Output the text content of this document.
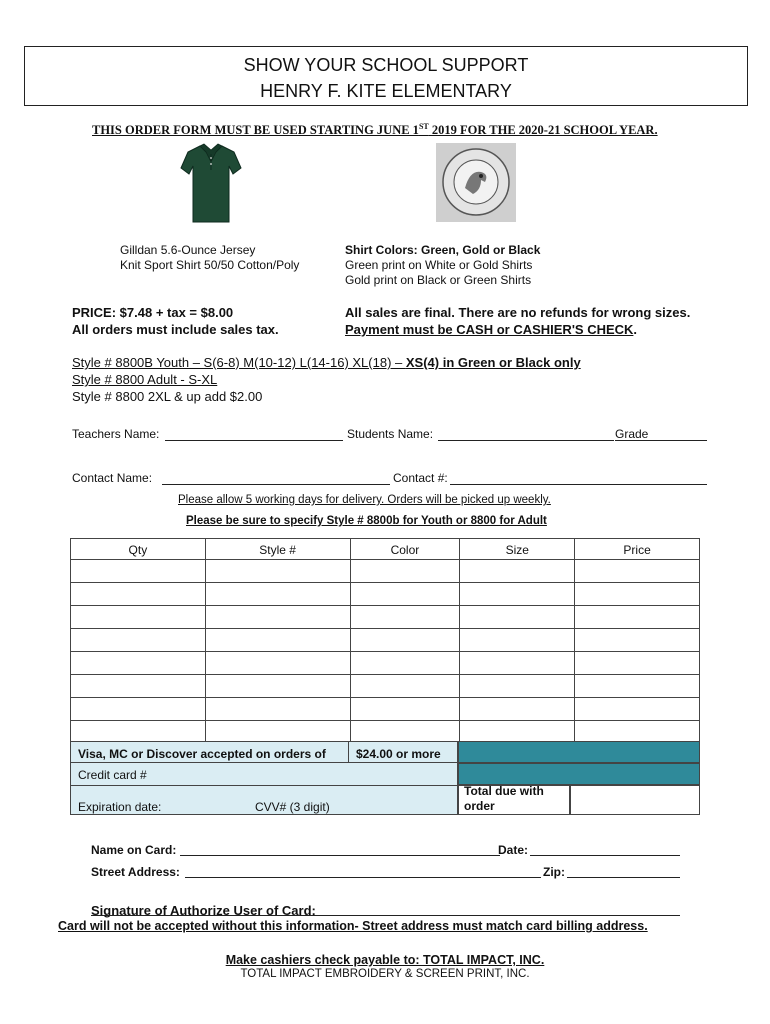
SHOW YOUR SCHOOL SUPPORT
HENRY F. KITE ELEMENTARY
THIS ORDER FORM MUST BE USED STARTING JUNE 1ST 2019 FOR THE 2020-21 SCHOOL YEAR.
Gilldan 5.6-Ounce Jersey
Knit Sport Shirt 50/50 Cotton/Poly
Shirt Colors: Green, Gold or Black
Green print on White or Gold Shirts
Gold print on Black or Green Shirts
PRICE: $7.48 + tax = $8.00
All orders must include sales tax.
All sales are final. There are no refunds for wrong sizes.
Payment must be CASH or CASHIER'S CHECK.
Style # 8800B Youth – S(6-8) M(10-12) L(14-16) XL(18) – XS(4) in Green or Black only
Style # 8800 Adult - S-XL
Style # 8800 2XL & up add $2.00
Teachers Name:	Students Name:	Grade
Contact Name:	Contact #:
Please allow 5 working days for delivery. Orders will be picked up weekly.
Please be sure to specify Style # 8800b for Youth or 8800 for Adult
Qty	Style #	Color	Size	Price

Visa, MC or Discover accepted on orders of	$24.00 or more
Credit card #
Expiration date:	CVV# (3 digit)
Total due with
order
Name on Card:	Date:
Street Address:	Zip:
Signature of Authorize User of Card:
Card will not be accepted without this information- Street address must match card billing address.
Make cashiers check payable to: TOTAL IMPACT, INC.
TOTAL IMPACT EMBROIDERY & SCREEN PRINT, INC.
